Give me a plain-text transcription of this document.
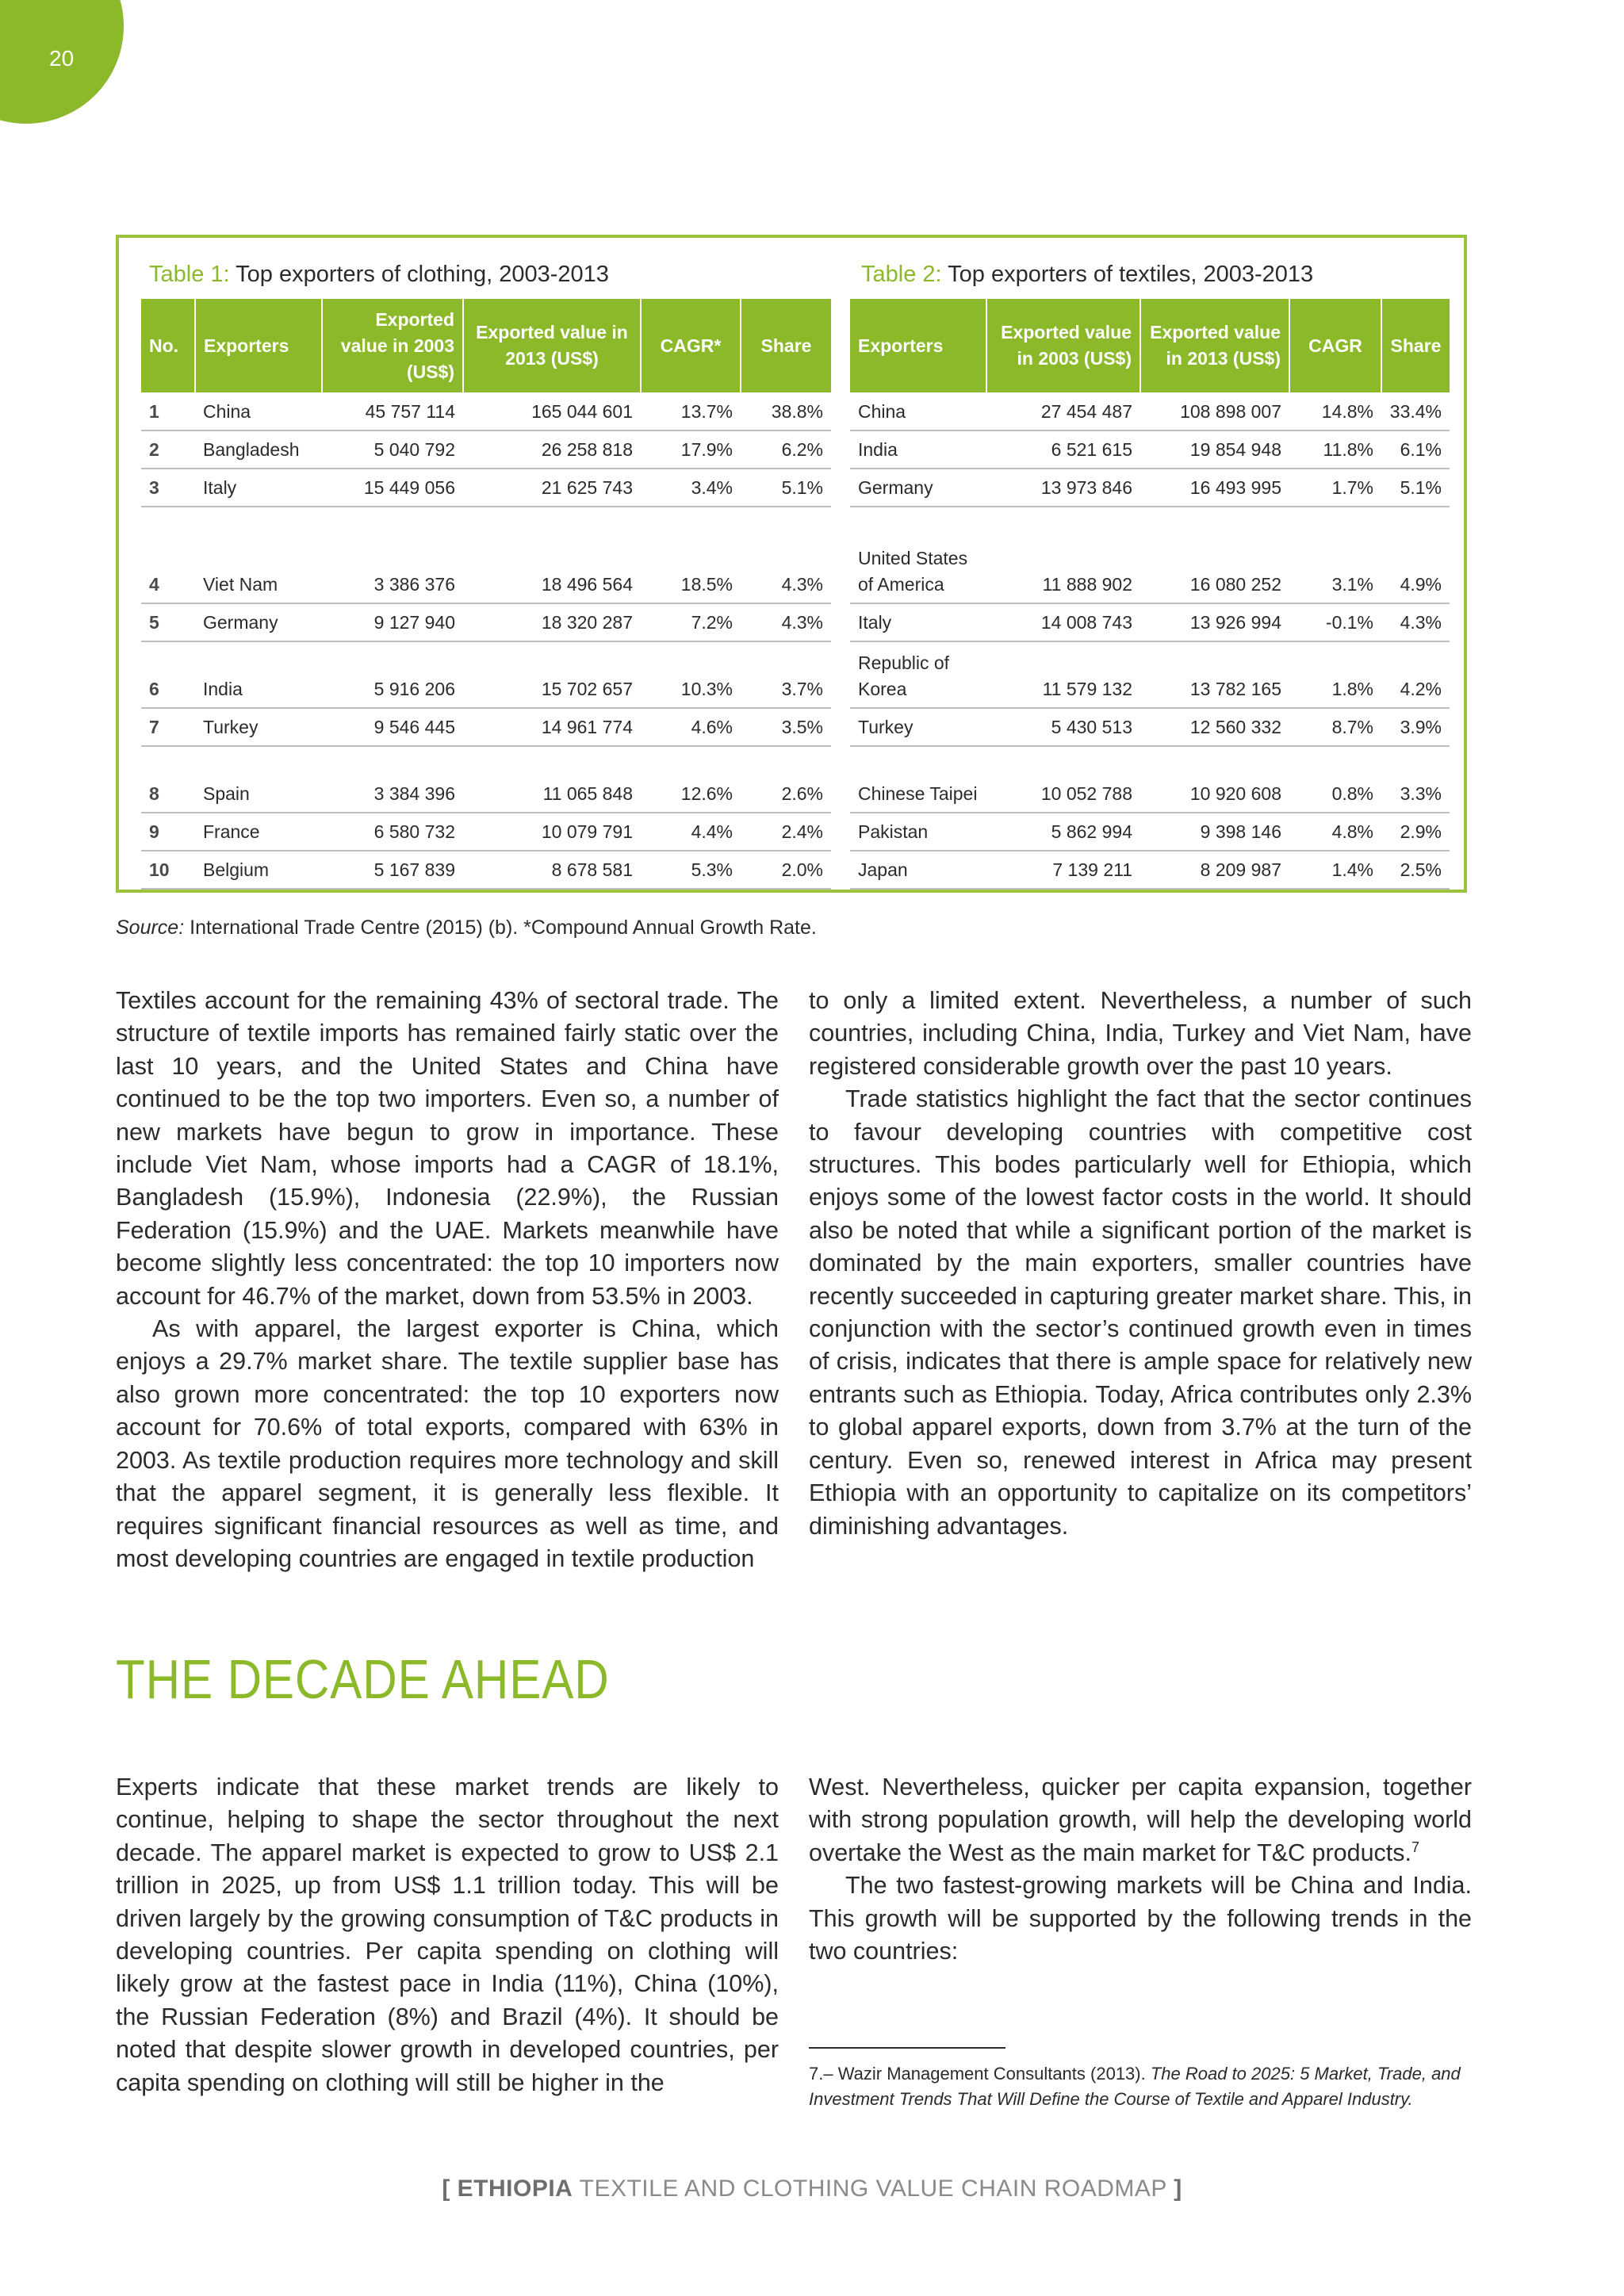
20
Table 1: Top exporters of clothing, 2003-2013	Table 2: Top exporters of textiles, 2003-2013
No.	Exporters	Exported value in 2003 (US$)	Exported value in 2013 (US$)	CAGR*	Share
1	China	45 757 114	165 044 601	13.7%	38.8%
2	Bangladesh	5 040 792	26 258 818	17.9%	6.2%
3	Italy	15 449 056	21 625 743	3.4%	5.1%
4	Viet Nam	3 386 376	18 496 564	18.5%	4.3%
5	Germany	9 127 940	18 320 287	7.2%	4.3%
6	India	5 916 206	15 702 657	10.3%	3.7%
7	Turkey	9 546 445	14 961 774	4.6%	3.5%
8	Spain	3 384 396	11 065 848	12.6%	2.6%
9	France	6 580 732	10 079 791	4.4%	2.4%
10	Belgium	5 167 839	8 678 581	5.3%	2.0%
Exporters	Exported value in 2003 (US$)	Exported value in 2013 (US$)	CAGR	Share
China	27 454 487	108 898 007	14.8%	33.4%
India	6 521 615	19 854 948	11.8%	6.1%
Germany	13 973 846	16 493 995	1.7%	5.1%
United States of America	11 888 902	16 080 252	3.1%	4.9%
Italy	14 008 743	13 926 994	-0.1%	4.3%
Republic of Korea	11 579 132	13 782 165	1.8%	4.2%
Turkey	5 430 513	12 560 332	8.7%	3.9%
Chinese Taipei	10 052 788	10 920 608	0.8%	3.3%
Pakistan	5 862 994	9 398 146	4.8%	2.9%
Japan	7 139 211	8 209 987	1.4%	2.5%
Source: International Trade Centre (2015) (b). *Compound Annual Growth Rate.

Textiles account for the remaining 43% of sectoral trade. The structure of textile imports has remained fairly static over the last 10 years, and the United States and China have continued to be the top two importers. Even so, a number of new markets have begun to grow in importance. These include Viet Nam, whose imports had a CAGR of 18.1%, Bangladesh (15.9%), Indonesia (22.9%), the Russian Federation (15.9%) and the UAE. Markets meanwhile have become slightly less concentrated: the top 10 importers now account for 46.7% of the market, down from 53.5% in 2003.

As with apparel, the largest exporter is China, which enjoys a 29.7% market share. The textile supplier base has also grown more concentrated: the top 10 exporters now account for 70.6% of total exports, compared with 63% in 2003. As textile production requires more technology and skill that the apparel segment, it is generally less flexible. It requires significant financial resources as well as time, and most developing countries are engaged in textile production

to only a limited extent. Nevertheless, a number of such countries, including China, India, Turkey and Viet Nam, have registered considerable growth over the past 10 years.

Trade statistics highlight the fact that the sector continues to favour developing countries with competitive cost structures. This bodes particularly well for Ethiopia, which enjoys some of the lowest factor costs in the world. It should also be noted that while a significant portion of the market is dominated by the main exporters, smaller countries have recently succeeded in capturing greater market share. This, in conjunction with the sector’s continued growth even in times of crisis, indicates that there is ample space for relatively new entrants such as Ethiopia. Today, Africa contributes only 2.3% to global apparel exports, down from 3.7% at the turn of the century. Even so, renewed interest in Africa may present Ethiopia with an opportunity to capitalize on its competitors’ diminishing advantages.

THE DECADE AHEAD

Experts indicate that these market trends are likely to continue, helping to shape the sector throughout the next decade. The apparel market is expected to grow to US$ 2.1 trillion in 2025, up from US$ 1.1 trillion today. This will be driven largely by the growing consumption of T&C products in developing countries. Per capita spending on clothing will likely grow at the fastest pace in India (11%), China (10%), the Russian Federation (8%) and Brazil (4%). It should be noted that despite slower growth in developed countries, per capita spending on clothing will still be higher in the

West. Nevertheless, quicker per capita expansion, together with strong population growth, will help the developing world overtake the West as the main market for T&C products.$^7$

The two fastest-growing markets will be China and India. This growth will be supported by the following trends in the two countries:

7.– Wazir Management Consultants (2013). The Road to 2025: 5 Market, Trade, and Investment Trends That Will Define the Course of Textile and Apparel Industry.
[ ETHIOPIA TEXTILE AND CLOTHING VALUE CHAIN ROADMAP ]
